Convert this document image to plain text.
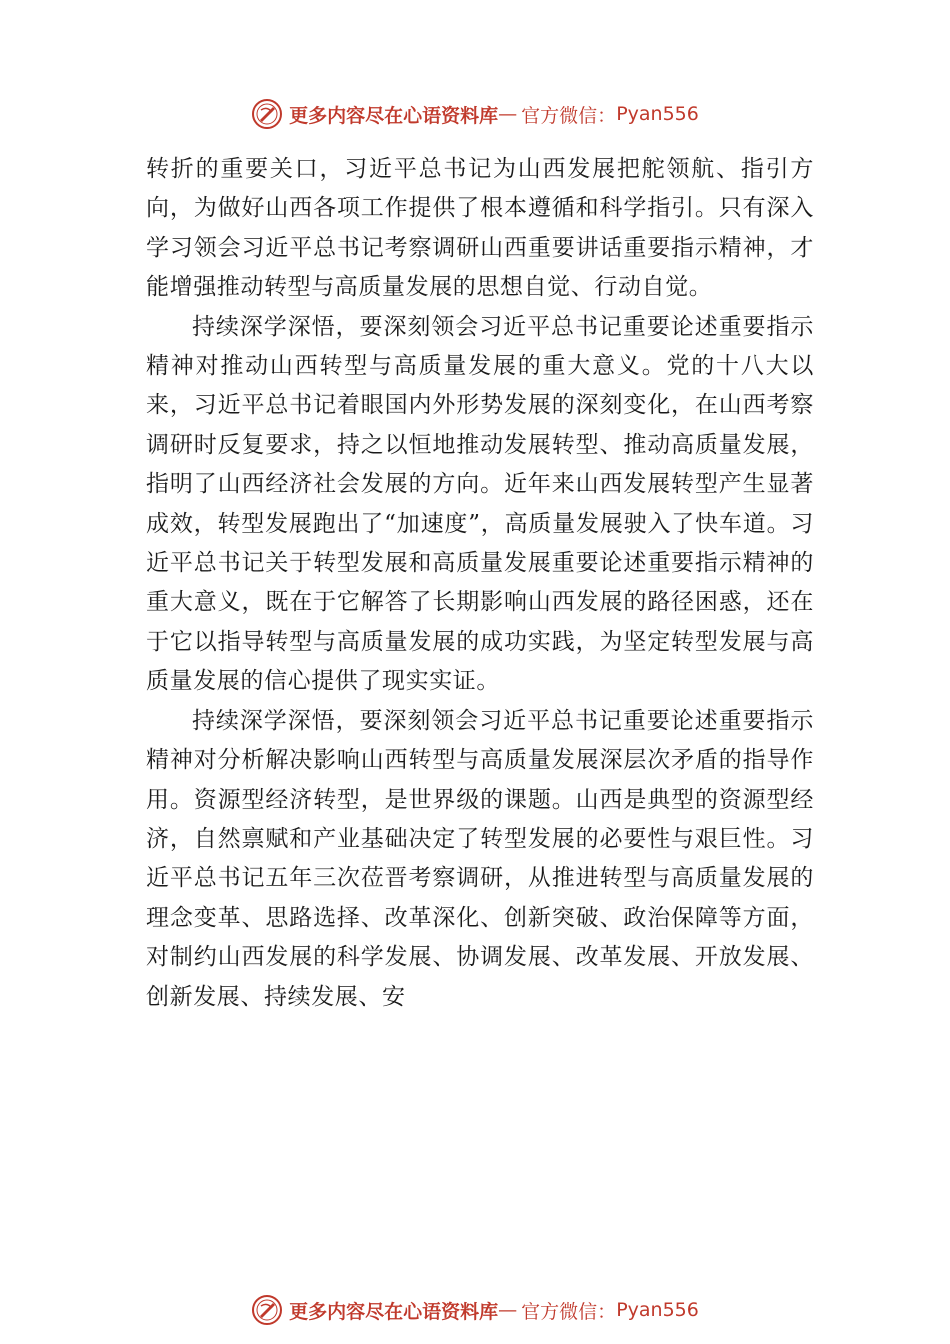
更多内容尽在心语资料库 — 官方微信： Pyan556

转折的重要关口，习近平总书记为山西发展把舵领航、指引方向，为做好山西各项工作提供了根本遵循和科学指引。只有深入学习领会习近平总书记考察调研山西重要讲话重要指示精神，才能增强推动转型与高质量发展的思想自觉、行动自觉。

持续深学深悟，要深刻领会习近平总书记重要论述重要指示精神对推动山西转型与高质量发展的重大意义。党的十八大以来，习近平总书记着眼国内外形势发展的深刻变化，在山西考察调研时反复要求，持之以恒地推动发展转型、推动高质量发展，指明了山西经济社会发展的方向。近年来山西发展转型产生显著成效，转型发展跑出了“加速度”，高质量发展驶入了快车道。习近平总书记关于转型发展和高质量发展重要论述重要指示精神的重大意义，既在于它解答了长期影响山西发展的路径困惑，还在于它以指导转型与高质量发展的成功实践，为坚定转型发展与高质量发展的信心提供了现实实证。

持续深学深悟，要深刻领会习近平总书记重要论述重要指示精神对分析解决影响山西转型与高质量发展深层次矛盾的指导作用。资源型经济转型，是世界级的课题。山西是典型的资源型经济，自然禀赋和产业基础决定了转型发展的必要性与艰巨性。习近平总书记五年三次莅晋考察调研，从推进转型与高质量发展的理念变革、思路选择、改革深化、创新突破、政治保障等方面，对制约山西发展的科学发展、协调发展、改革发展、开放发展、创新发展、持续发展、安

更多内容尽在心语资料库 — 官方微信： Pyan556
